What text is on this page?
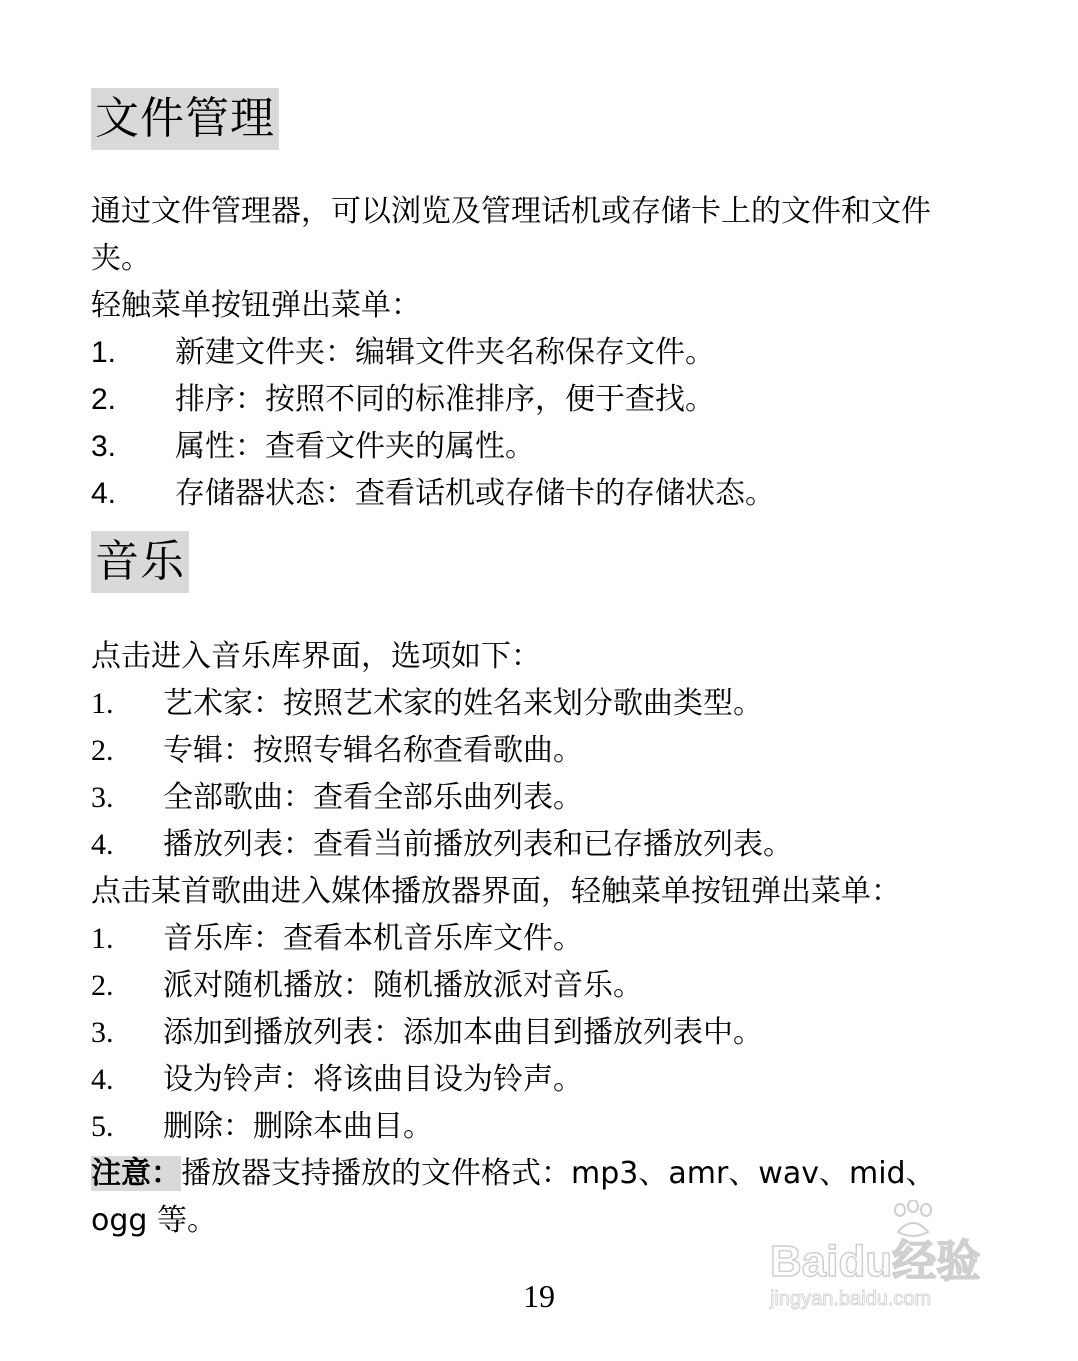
文件管理

通过文件管理器，可以浏览及管理话机或存储卡上的文件和文件

夹。

轻触菜单按钮弹出菜单：

1.	新建文件夹：编辑文件夹名称保存文件。
2.	排序：按照不同的标准排序，便于查找。
3.	属性：查看文件夹的属性。
4.	存储器状态：查看话机或存储卡的存储状态。
音乐

点击进入音乐库界面，选项如下：

1.	艺术家：按照艺术家的姓名来划分歌曲类型。
2.	专辑：按照专辑名称查看歌曲。
3.	全部歌曲：查看全部乐曲列表。
4.	播放列表：查看当前播放列表和已存播放列表。

点击某首歌曲进入媒体播放器界面，轻触菜单按钮弹出菜单：

1.	音乐库：查看本机音乐库文件。
2.	派对随机播放：随机播放派对音乐。
3.	添加到播放列表：添加本曲目到播放列表中。
4.	设为铃声：将该曲目设为铃声。
5.	删除：删除本曲目。

注意：播放器支持播放的文件格式：mp3、amr、wav、mid、

ogg 等。

Baidu经验
jingyan.baidu.com
19
